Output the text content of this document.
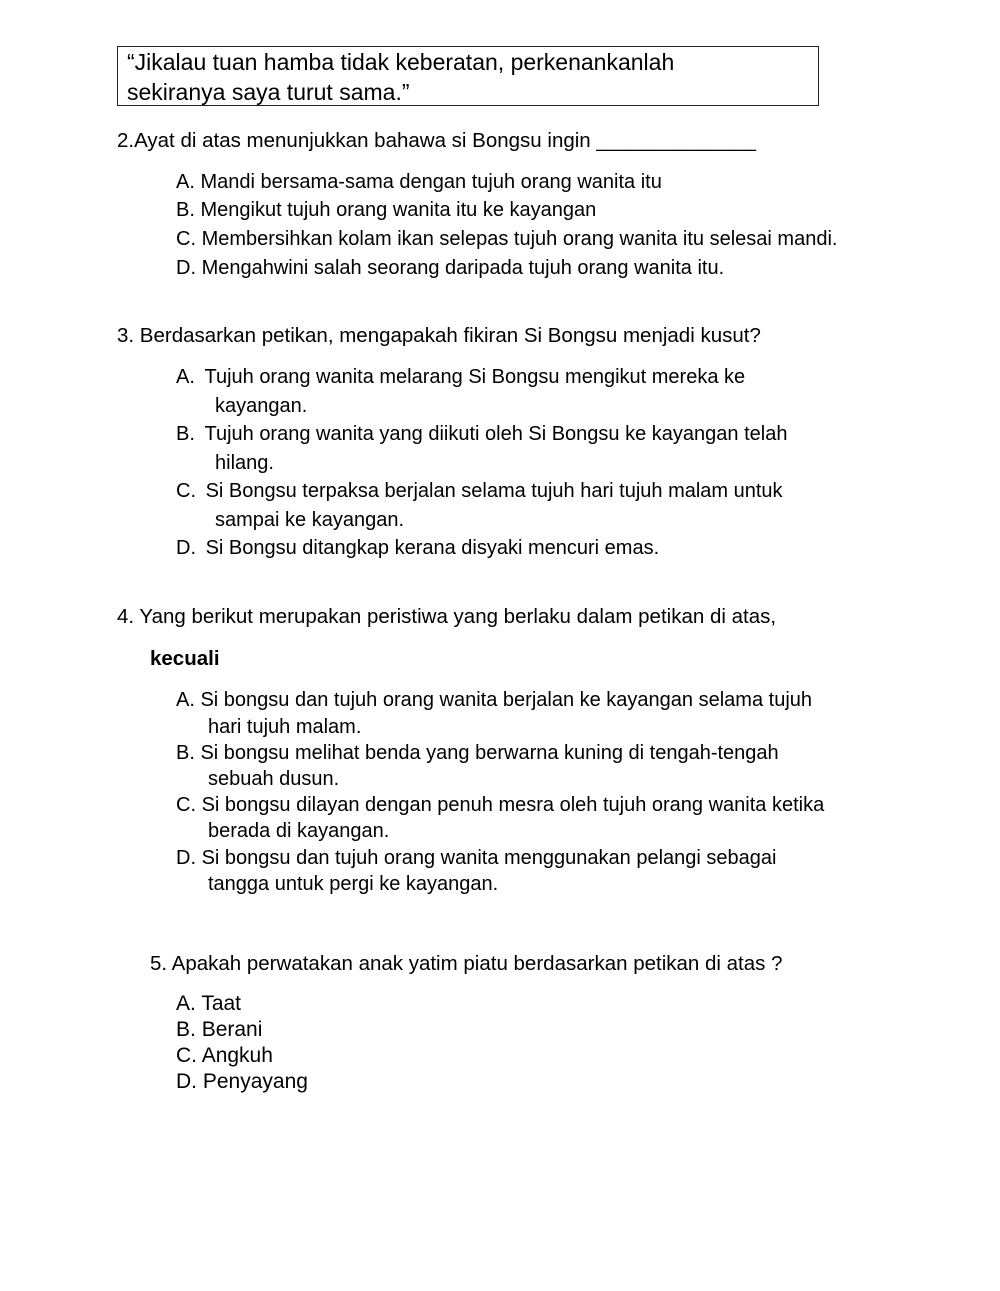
“Jikalau tuan hamba tidak keberatan, perkenankanlah
sekiranya saya turut sama.”
2.Ayat di atas menunjukkan bahawa si Bongsu ingin ______________
A. Mandi bersama-sama dengan tujuh orang wanita itu
B. Mengikut tujuh orang wanita itu ke kayangan
C. Membersihkan kolam ikan selepas tujuh orang wanita itu selesai mandi.
D. Mengahwini salah seorang daripada tujuh orang wanita itu.
3. Berdasarkan petikan, mengapakah fikiran Si Bongsu menjadi kusut?
A. Tujuh orang wanita melarang Si Bongsu mengikut mereka ke
kayangan.
B. Tujuh orang wanita yang diikuti oleh Si Bongsu ke kayangan telah
hilang.
C. Si Bongsu terpaksa berjalan selama tujuh hari tujuh malam untuk
sampai ke kayangan.
D. Si Bongsu ditangkap kerana disyaki mencuri emas.
4. Yang berikut merupakan peristiwa yang berlaku dalam petikan di atas,
kecuali
A. Si bongsu dan tujuh orang wanita berjalan ke kayangan selama tujuh
hari tujuh malam.
B. Si bongsu melihat benda yang berwarna kuning di tengah-tengah
sebuah dusun.
C. Si bongsu dilayan dengan penuh mesra oleh tujuh orang wanita ketika
berada di kayangan.
D. Si bongsu dan tujuh orang wanita menggunakan pelangi sebagai
tangga untuk pergi ke kayangan.
5. Apakah perwatakan anak yatim piatu berdasarkan petikan di atas ?
A. Taat
B. Berani
C. Angkuh
D. Penyayang
